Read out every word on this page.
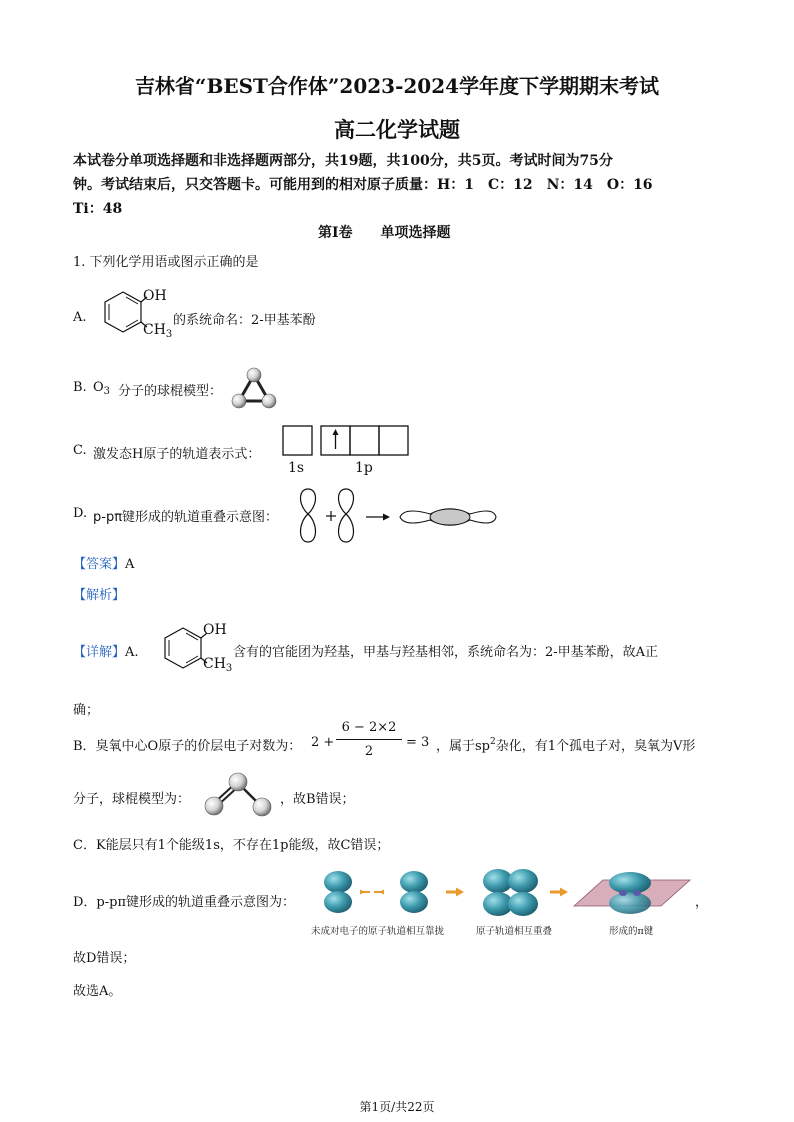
吉林省“BEST合作体”2023-2024学年度下学期期末考试
高二化学试题
本试卷分单项选择题和非选择题两部分，共19题，共100分，共5页。考试时间为75分
钟。考试结束后，只交答题卡。可能用到的相对原子质量：H：1　C：12　N：14　O：16
Ti：48
第I卷　　单项选择题
1. 下列化学用语或图示正确的是
A.
OH
$CH_3$
的系统命名：2-甲基苯酚
B. $O_3$ 分子的球棍模型：
C. 激发态H原子的轨道表示式：
1s	1p
D. p-pπ键形成的轨道重叠示意图：
【答案】A
【解析】
【详解】A.
OH
$CH_3$
含有的官能团为羟基，甲基与羟基相邻，系统命名为：2-甲基苯酚，故A正
确；
B．臭氧中心O原子的价层电子对数为： 2 +
6 − 2×2
2
= 3 ，属于$sp^2$杂化，有1个孤电子对，臭氧为V形
分子，球棍模型为：	，故B错误；
C．K能层只有1个能级1s，不存在1p能级，故C错误；
D．p-pπ键形成的轨道重叠示意图为：
未成对电子的原子轨道相互靠拢	原子轨道相互重叠	形成的π键
，
故D错误；
故选A。
第1页/共22页
